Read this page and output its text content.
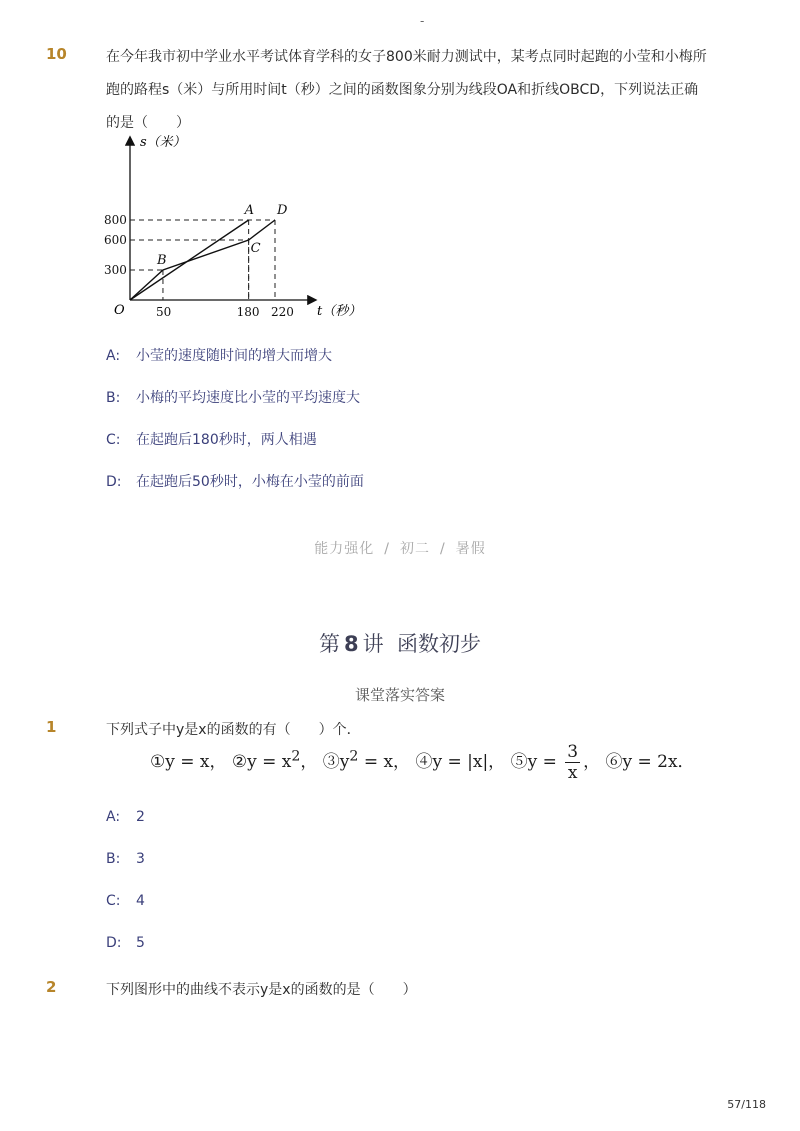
-
10	在今年我市初中学业水平考试体育学科的女子800米耐力测试中，某考点同时起跑的小莹和小梅所
跑的路程s（米）与所用时间t（秒）之间的函数图象分别为线段OA和折线OBCD，下列说法正确
的是（　　）
A
B
C
D
300
600
800
50	180 220
s（米）
t（秒）
O
A: 小莹的速度随时间的增大而增大
B: 小梅的平均速度比小莹的平均速度大
C: 在起跑后180秒时，两人相遇
D: 在起跑后50秒时，小梅在小莹的前面
能力强化 / 初二 / 暑假
第 8 讲 函数初步
课堂落实答案
1	下列式子中y是x的函数的有（　　）个．
①y = x， ②y = $x^2$， $③y^2 = x$， ④y = |x|， ⑤y = $\frac{3}{x}$ ， ⑥y = 2x．
A: 2
B: 3
C: 4
D: 5
2	下列图形中的曲线不表示y是x的函数的是（　　）
57/118
